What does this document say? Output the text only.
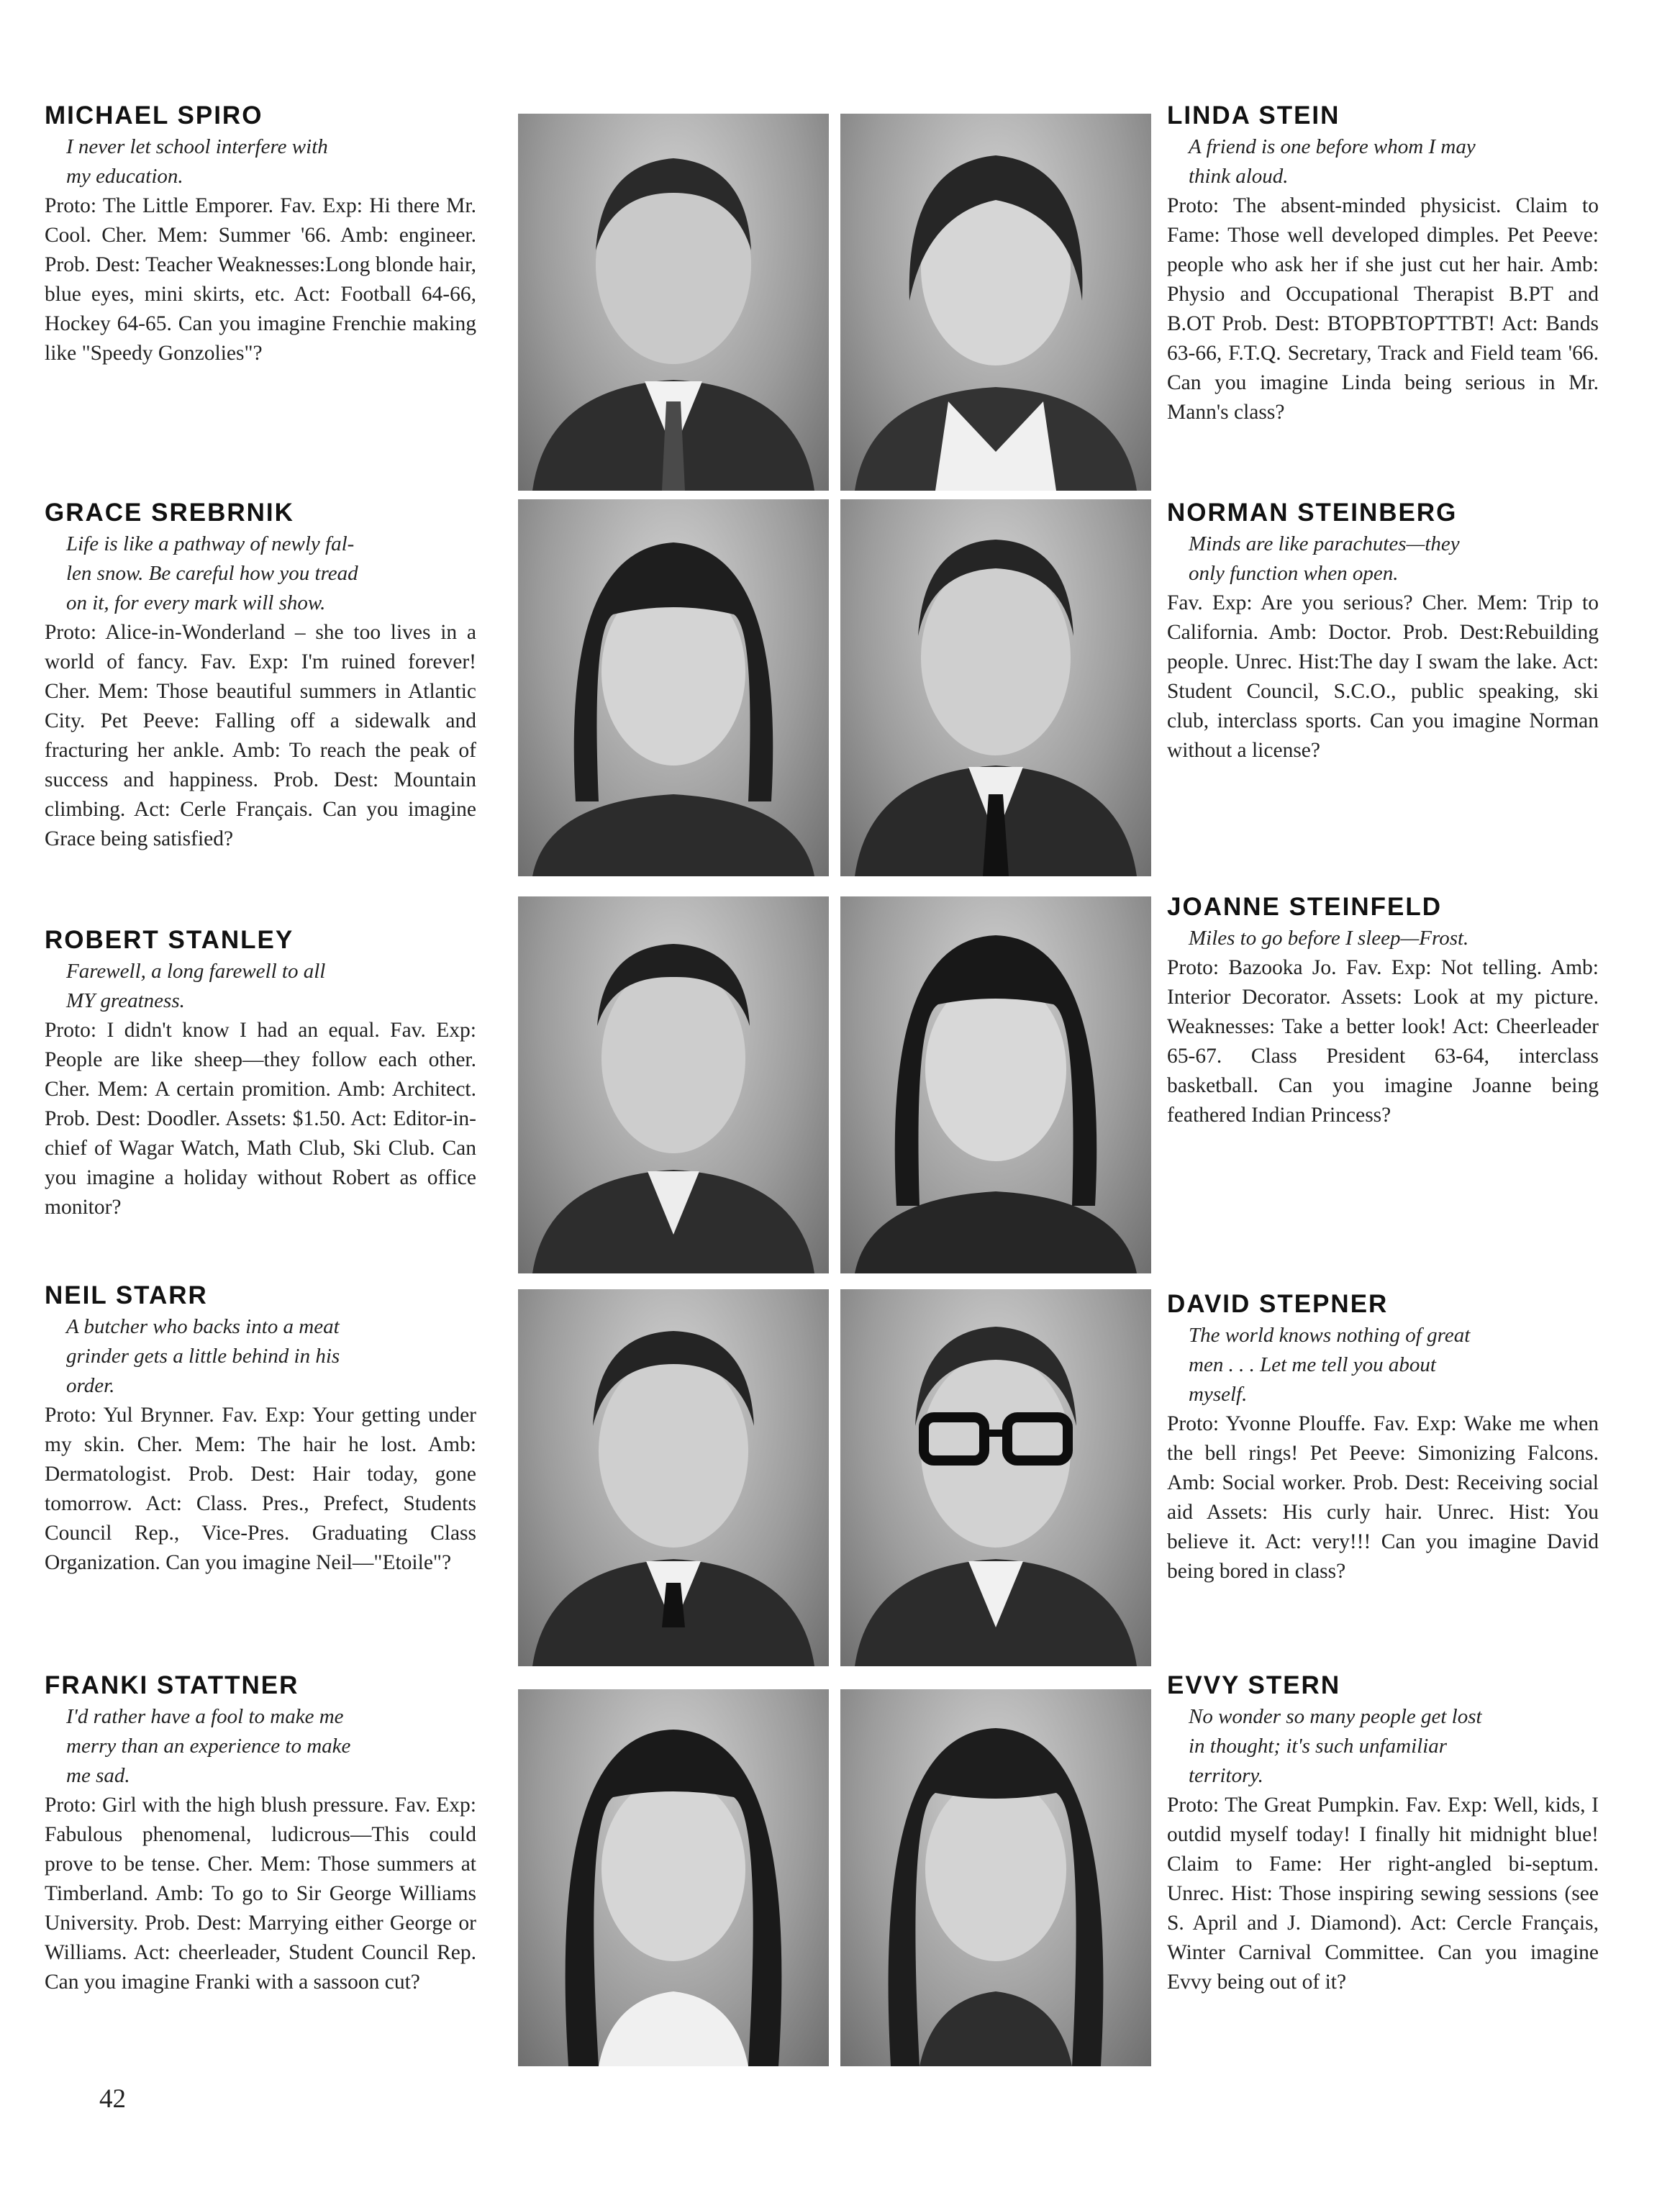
MICHAEL SPIRO
I never let school interfere with
my education.
Proto: The Little Emporer. Fav. Exp: Hi there Mr. Cool. Cher. Mem: Summer '66. Amb: engineer. Prob. Dest: Teacher Weaknesses:Long blonde hair, blue eyes, mini skirts, etc. Act: Football 64-66, Hockey 64-65. Can you imagine Frenchie making like "Speedy Gonzolies"?
LINDA STEIN
A friend is one before whom I may
think aloud.
Proto: The absent-minded physicist. Claim to Fame: Those well developed dimples. Pet Peeve: people who ask her if she just cut her hair. Amb: Physio and Occupational Therapist B.PT and B.OT Prob. Dest: BTOPBTOPTTBT! Act: Bands 63-66, F.T.Q. Secretary, Track and Field team '66. Can you imagine Linda being serious in Mr. Mann's class?
GRACE SREBRNIK
Life is like a pathway of newly fal-
len snow. Be careful how you tread
on it, for every mark will show.
Proto: Alice-in-Wonderland – she too lives in a world of fancy. Fav. Exp: I'm ruined forever! Cher. Mem: Those beautiful summers in Atlantic City. Pet Peeve: Falling off a sidewalk and fracturing her ankle. Amb: To reach the peak of success and happiness. Prob. Dest: Mountain climbing. Act: Cerle Français. Can you imagine Grace being satisfied?
NORMAN STEINBERG
Minds are like parachutes—they
only function when open.
Fav. Exp: Are you serious? Cher. Mem: Trip to California. Amb: Doctor. Prob. Dest:Rebuilding people. Unrec. Hist:The day I swam the lake. Act: Student Council, S.C.O., public speaking, ski club, interclass sports. Can you imagine Norman without a license?
ROBERT STANLEY
Farewell, a long farewell to all
MY greatness.
Proto: I didn't know I had an equal. Fav. Exp: People are like sheep—they follow each other. Cher. Mem: A certain promition. Amb: Architect. Prob. Dest: Doodler. Assets: $1.50. Act: Editor-in-chief of Wagar Watch, Math Club, Ski Club. Can you imagine a holiday without Robert as office monitor?
JOANNE STEINFELD
Miles to go before I sleep—Frost.
Proto: Bazooka Jo. Fav. Exp: Not telling. Amb: Interior Decorator. Assets: Look at my picture. Weaknesses: Take a better look! Act: Cheerleader 65-67. Class President 63-64, interclass basketball. Can you imagine Joanne being feathered Indian Princess?
NEIL STARR
A butcher who backs into a meat
grinder gets a little behind in his
order.
Proto: Yul Brynner. Fav. Exp: Your getting under my skin. Cher. Mem: The hair he lost. Amb: Dermatologist. Prob. Dest: Hair today, gone tomorrow. Act: Class. Pres., Prefect, Students Council Rep., Vice-Pres. Graduating Class Organization. Can you imagine Neil—"Etoile"?
DAVID STEPNER
The world knows nothing of great
men . . . Let me tell you about
myself.
Proto: Yvonne Plouffe. Fav. Exp: Wake me when the bell rings! Pet Peeve: Simonizing Falcons. Amb: Social worker. Prob. Dest: Receiving social aid Assets: His curly hair. Unrec. Hist: You believe it. Act: very!!! Can you imagine David being bored in class?
FRANKI STATTNER
I'd rather have a fool to make me
merry than an experience to make
me sad.
Proto: Girl with the high blush pressure. Fav. Exp: Fabulous phenomenal, ludicrous—This could prove to be tense. Cher. Mem: Those summers at Timberland. Amb: To go to Sir George Williams University. Prob. Dest: Marrying either George or Williams. Act: cheerleader, Student Council Rep. Can you imagine Franki with a sassoon cut?
EVVY STERN
No wonder so many people get lost
in thought; it's such unfamiliar
territory.
Proto: The Great Pumpkin. Fav. Exp: Well, kids, I outdid myself today! I finally hit midnight blue! Claim to Fame: Her right-angled bi-septum. Unrec. Hist: Those inspiring sewing sessions (see S. April and J. Diamond). Act: Cercle Français, Winter Carnival Committee. Can you imagine Evvy being out of it?
42
